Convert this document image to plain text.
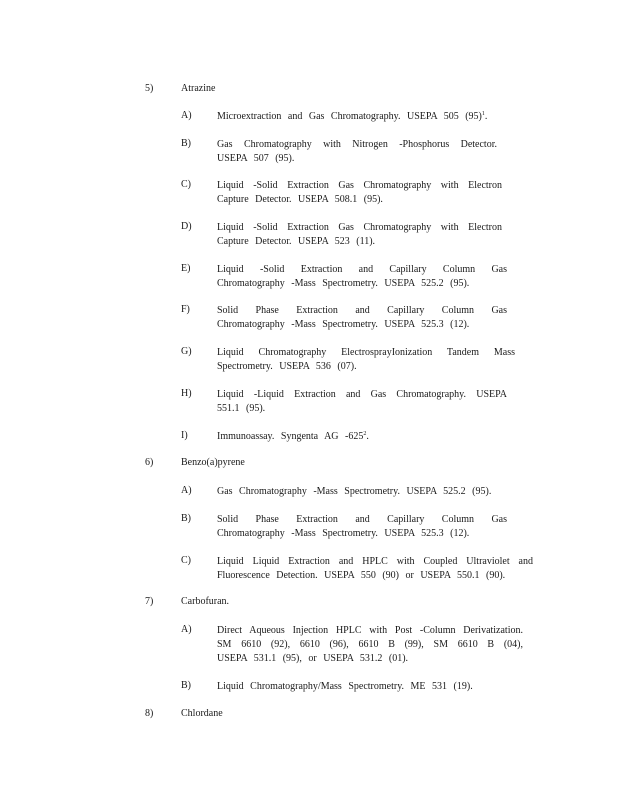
5)	Atrazine
A)	Microextraction and Gas Chromatography. USEPA 505 $(95)^1$.
B)	Gas Chromatography with Nitrogen -Phosphorus Detector. USEPA 507 (95).
C)	Liquid -Solid Extraction Gas Chromatography with Electron Capture Detector. USEPA 508.1 (95).
D)	Liquid -Solid Extraction Gas Chromatography with Electron Capture Detector. USEPA 523 (11).
E)	Liquid -Solid Extraction and Capillary Column Gas Chromatography -Mass Spectrometry. USEPA 525.2 (95).
F)	Solid Phase Extraction and Capillary Column Gas Chromatography -Mass Spectrometry. USEPA 525.3 (12).
G)	Liquid Chromatography ElectrosprayIonization Tandem Mass Spectrometry. USEPA 536 (07).
H)	Liquid -Liquid Extraction and Gas Chromatography. USEPA 551.1 (95).
I)	Immunoassay. Syngenta AG $-625^2$.
6)	Benzo(a)pyrene
A)	Gas Chromatography -Mass Spectrometry. USEPA 525.2 (95).
B)	Solid Phase Extraction and Capillary Column Gas Chromatography -Mass Spectrometry. USEPA 525.3 (12).
C)	Liquid Liquid Extraction and HPLC with Coupled Ultraviolet and Fluorescence Detection. USEPA 550 (90) or USEPA 550.1 (90).
7)	Carbofuran.
A)	Direct Aqueous Injection HPLC with Post -Column Derivatization. SM 6610 (92), 6610 (96), 6610 B (99), SM 6610 B (04), USEPA 531.1 (95), or USEPA 531.2 (01).
B)	Liquid Chromatography/Mass Spectrometry. ME 531 (19).
8)	Chlordane
